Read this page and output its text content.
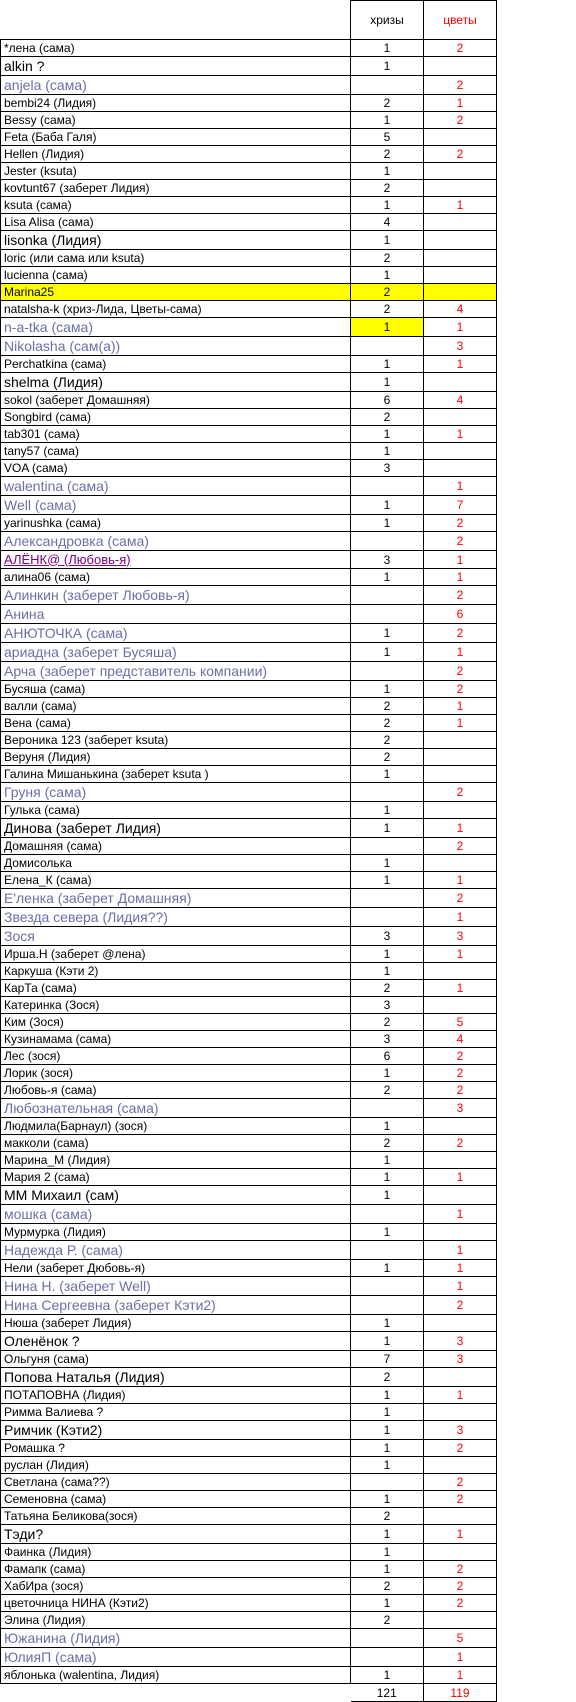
	хризы	цветы
*лена (сама)	1	2
alkin ?	1	
anjela (сама)		2
bembi24 (Лидия)	2	1
Bessy (сама)	1	2
Feta (Баба Галя)	5	
Hellen (Лидия)	2	2
Jester (ksuta)	1	
kovtunt67 (заберет Лидия)	2	
ksuta (сама)	1	1
Lisa Alisa (сама)	4	
lisonka (Лидия)	1	
loric (или сама или ksuta)	2	
lucienna (сама)	1	
Marina25	2	
natalsha-k (хриз-Лида, Цветы-сама)	2	4
n-a-tka (сама)	1	1
Nikolasha (сам(а))		3
Perchatkina (сама)	1	1
shelma (Лидия)	1	
sokol (заберет Домашняя)	6	4
Songbird (сама)	2	
tab301 (сама)	1	1
tany57 (сама)	1	
VOA (сама)	3	
walentina (сама)		1
Well (сама)	1	7
yarinushka (сама)	1	2
Александровка (сама)		2
АЛЁНК@ (Любовь-я)	3	1
алина06 (сама)	1	1
Алинкин (заберет Любовь-я)		2
Анина		6
АНЮТОЧКА (сама)	1	2
ариадна (заберет Бусяша)	1	1
Арча (заберет представитель компании)		2
Бусяша (сама)	1	2
валли (сама)	2	1
Вена (сама)	2	1
Вероника 123 (заберет ksuta)	2	
Веруня (Лидия)	2	
Галина Мишанькина (заберет ksuta )	1	
Груня (сама)		2
Гулька (сама)	1	
Динова (заберет Лидия)	1	1
Домашняя (сама)		2
Домисолька	1	
Елена_К (сама)	1	1
Е'ленка (заберет Домашняя)		2
Звезда севера (Лидия??)		1
Зося	3	3
Ирша.Н (заберет @лена)	1	1
Каркуша (Кэти 2)	1	
КарТа (сама)	2	1
Катеринка (Зося)	3	
Ким (Зося)	2	5
Кузинамама (сама)	3	4
Лес (зося)	6	2
Лорик (зося)	1	2
Любовь-я (сама)	2	2
Любознательная (сама)		3
Людмила(Барнаул) (зося)	1	
макколи (сама)	2	2
Марина_М (Лидия)	1	
Мария 2 (сама)	1	1
ММ Михаил (сам)	1	
мошка (сама)		1
Мурмурка (Лидия)	1	
Надежда Р. (сама)		1
Нели (заберет Дюбовь-я)	1	1
Нина Н. (заберет Well)		1
Нина Сергеевна (заберет Кэти2)		2
Нюша (заберет Лидия)	1	
Оленёнок ?	1	3
Ольгуня (сама)	7	3
Попова Наталья (Лидия)	2	
ПОТАПОВНА (Лидия)	1	1
Римма Валиева ?	1	
Римчик (Кэти2)	1	3
Ромашка ?	1	2
руслан (Лидия)	1	
Светлана (сама??)		2
Семеновна (сама)	1	2
Татьяна Беликова(зося)	2	
Тэди?	1	1
Фаинка (Лидия)	1	
Фамапк (сама)	1	2
ХабИра (зося)	2	2
цветочница НИНА (Кэти2)	1	2
Элина (Лидия)	2	
Южанина (Лидия)		5
ЮлияП (сама)		1
яблонька (walentina, Лидия)	1	1
	121	119
